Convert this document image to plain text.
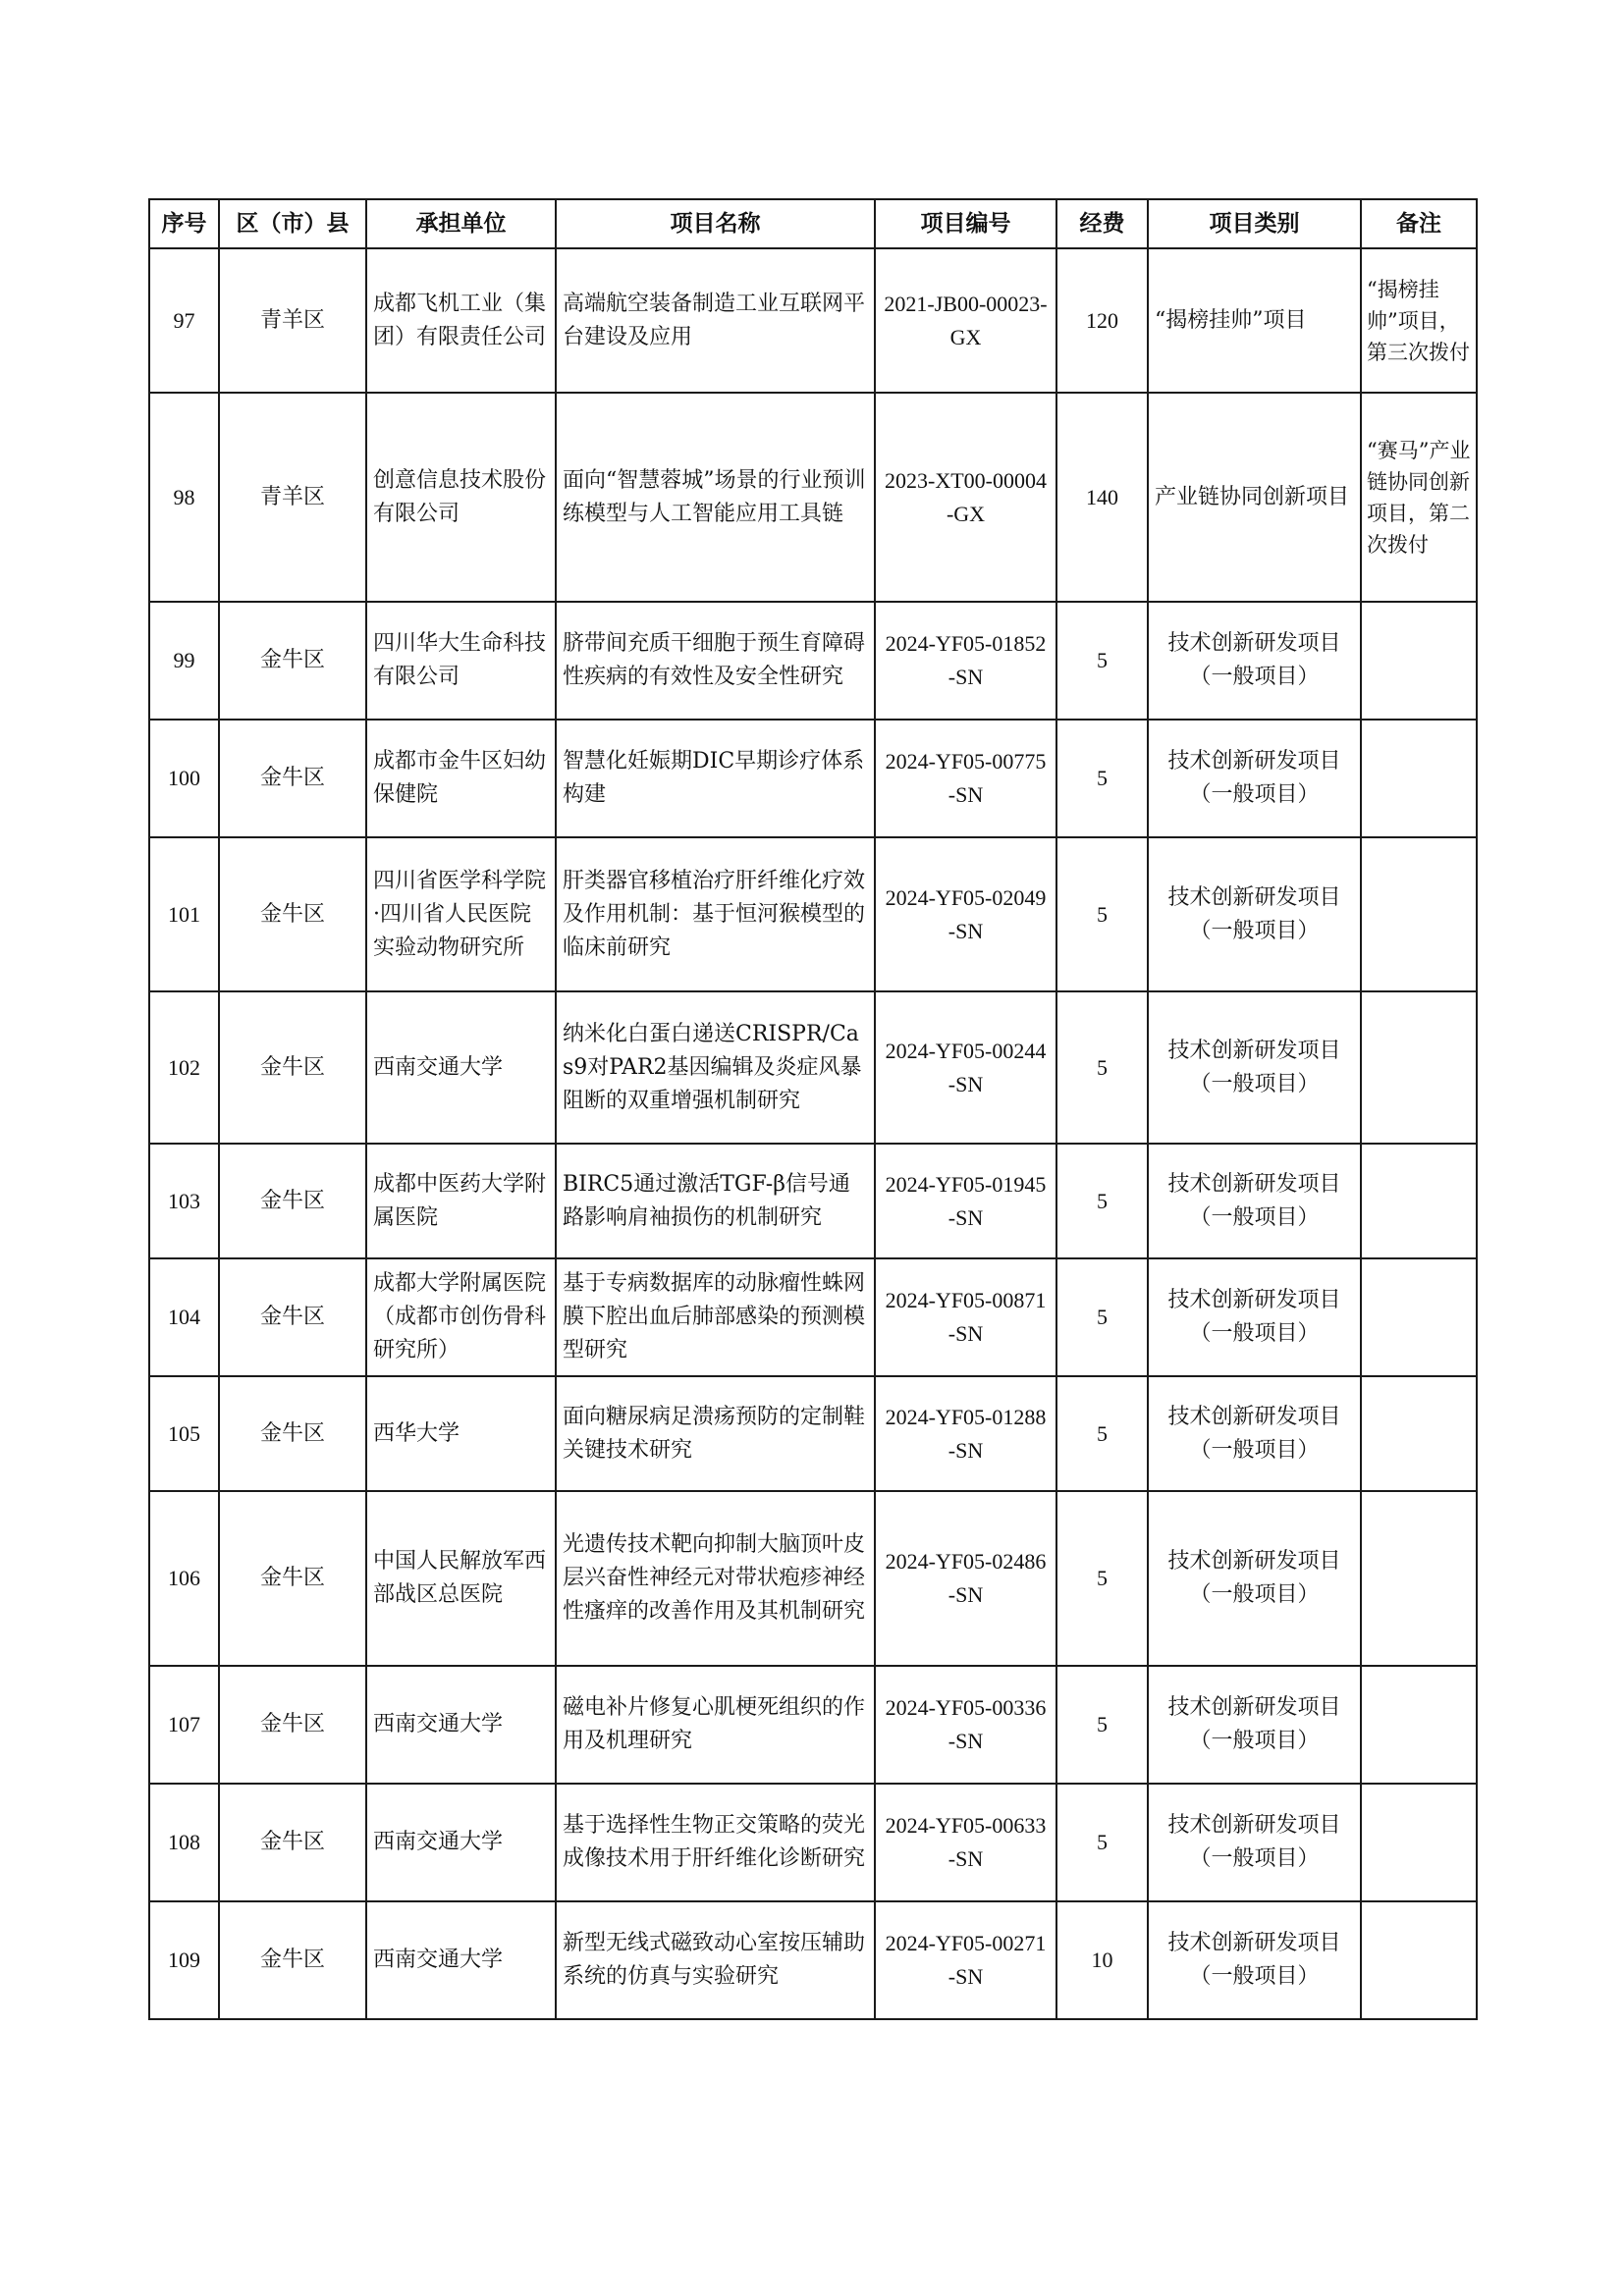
序号	区（市）县	承担单位	项目名称	项目编号	经费	项目类别	备注
97	青羊区	成都飞机工业（集团）有限责任公司	高端航空装备制造工业互联网平台建设及应用	2021-JB00-00023-GX	120	“揭榜挂帅”项目	“揭榜挂帅”项目，第三次拨付
98	青羊区	创意信息技术股份有限公司	面向“智慧蓉城”场景的行业预训练模型与人工智能应用工具链	2023-XT00-00004-GX	140	产业链协同创新项目	“赛马”产业链协同创新项目，第二次拨付
99	金牛区	四川华大生命科技有限公司	脐带间充质干细胞于预生育障碍性疾病的有效性及安全性研究	2024-YF05-01852-SN	5	技术创新研发项目（一般项目）	
100	金牛区	成都市金牛区妇幼保健院	智慧化妊娠期DIC早期诊疗体系构建	2024-YF05-00775-SN	5	技术创新研发项目（一般项目）	
101	金牛区	四川省医学科学院·四川省人民医院实验动物研究所	肝类器官移植治疗肝纤维化疗效及作用机制：基于恒河猴模型的临床前研究	2024-YF05-02049-SN	5	技术创新研发项目（一般项目）	
102	金牛区	西南交通大学	纳米化白蛋白递送CRISPR/Cas9对PAR2基因编辑及炎症风暴阻断的双重增强机制研究	2024-YF05-00244-SN	5	技术创新研发项目（一般项目）	
103	金牛区	成都中医药大学附属医院	BIRC5通过激活TGF-β信号通路影响肩袖损伤的机制研究	2024-YF05-01945-SN	5	技术创新研发项目（一般项目）	
104	金牛区	成都大学附属医院（成都市创伤骨科研究所）	基于专病数据库的动脉瘤性蛛网膜下腔出血后肺部感染的预测模型研究	2024-YF05-00871-SN	5	技术创新研发项目（一般项目）	
105	金牛区	西华大学	面向糖尿病足溃疡预防的定制鞋关键技术研究	2024-YF05-01288-SN	5	技术创新研发项目（一般项目）	
106	金牛区	中国人民解放军西部战区总医院	光遗传技术靶向抑制大脑顶叶皮层兴奋性神经元对带状疱疹神经性瘙痒的改善作用及其机制研究	2024-YF05-02486-SN	5	技术创新研发项目（一般项目）	
107	金牛区	西南交通大学	磁电补片修复心肌梗死组织的作用及机理研究	2024-YF05-00336-SN	5	技术创新研发项目（一般项目）	
108	金牛区	西南交通大学	基于选择性生物正交策略的荧光成像技术用于肝纤维化诊断研究	2024-YF05-00633-SN	5	技术创新研发项目（一般项目）	
109	金牛区	西南交通大学	新型无线式磁致动心室按压辅助系统的仿真与实验研究	2024-YF05-00271-SN	10	技术创新研发项目（一般项目）	
